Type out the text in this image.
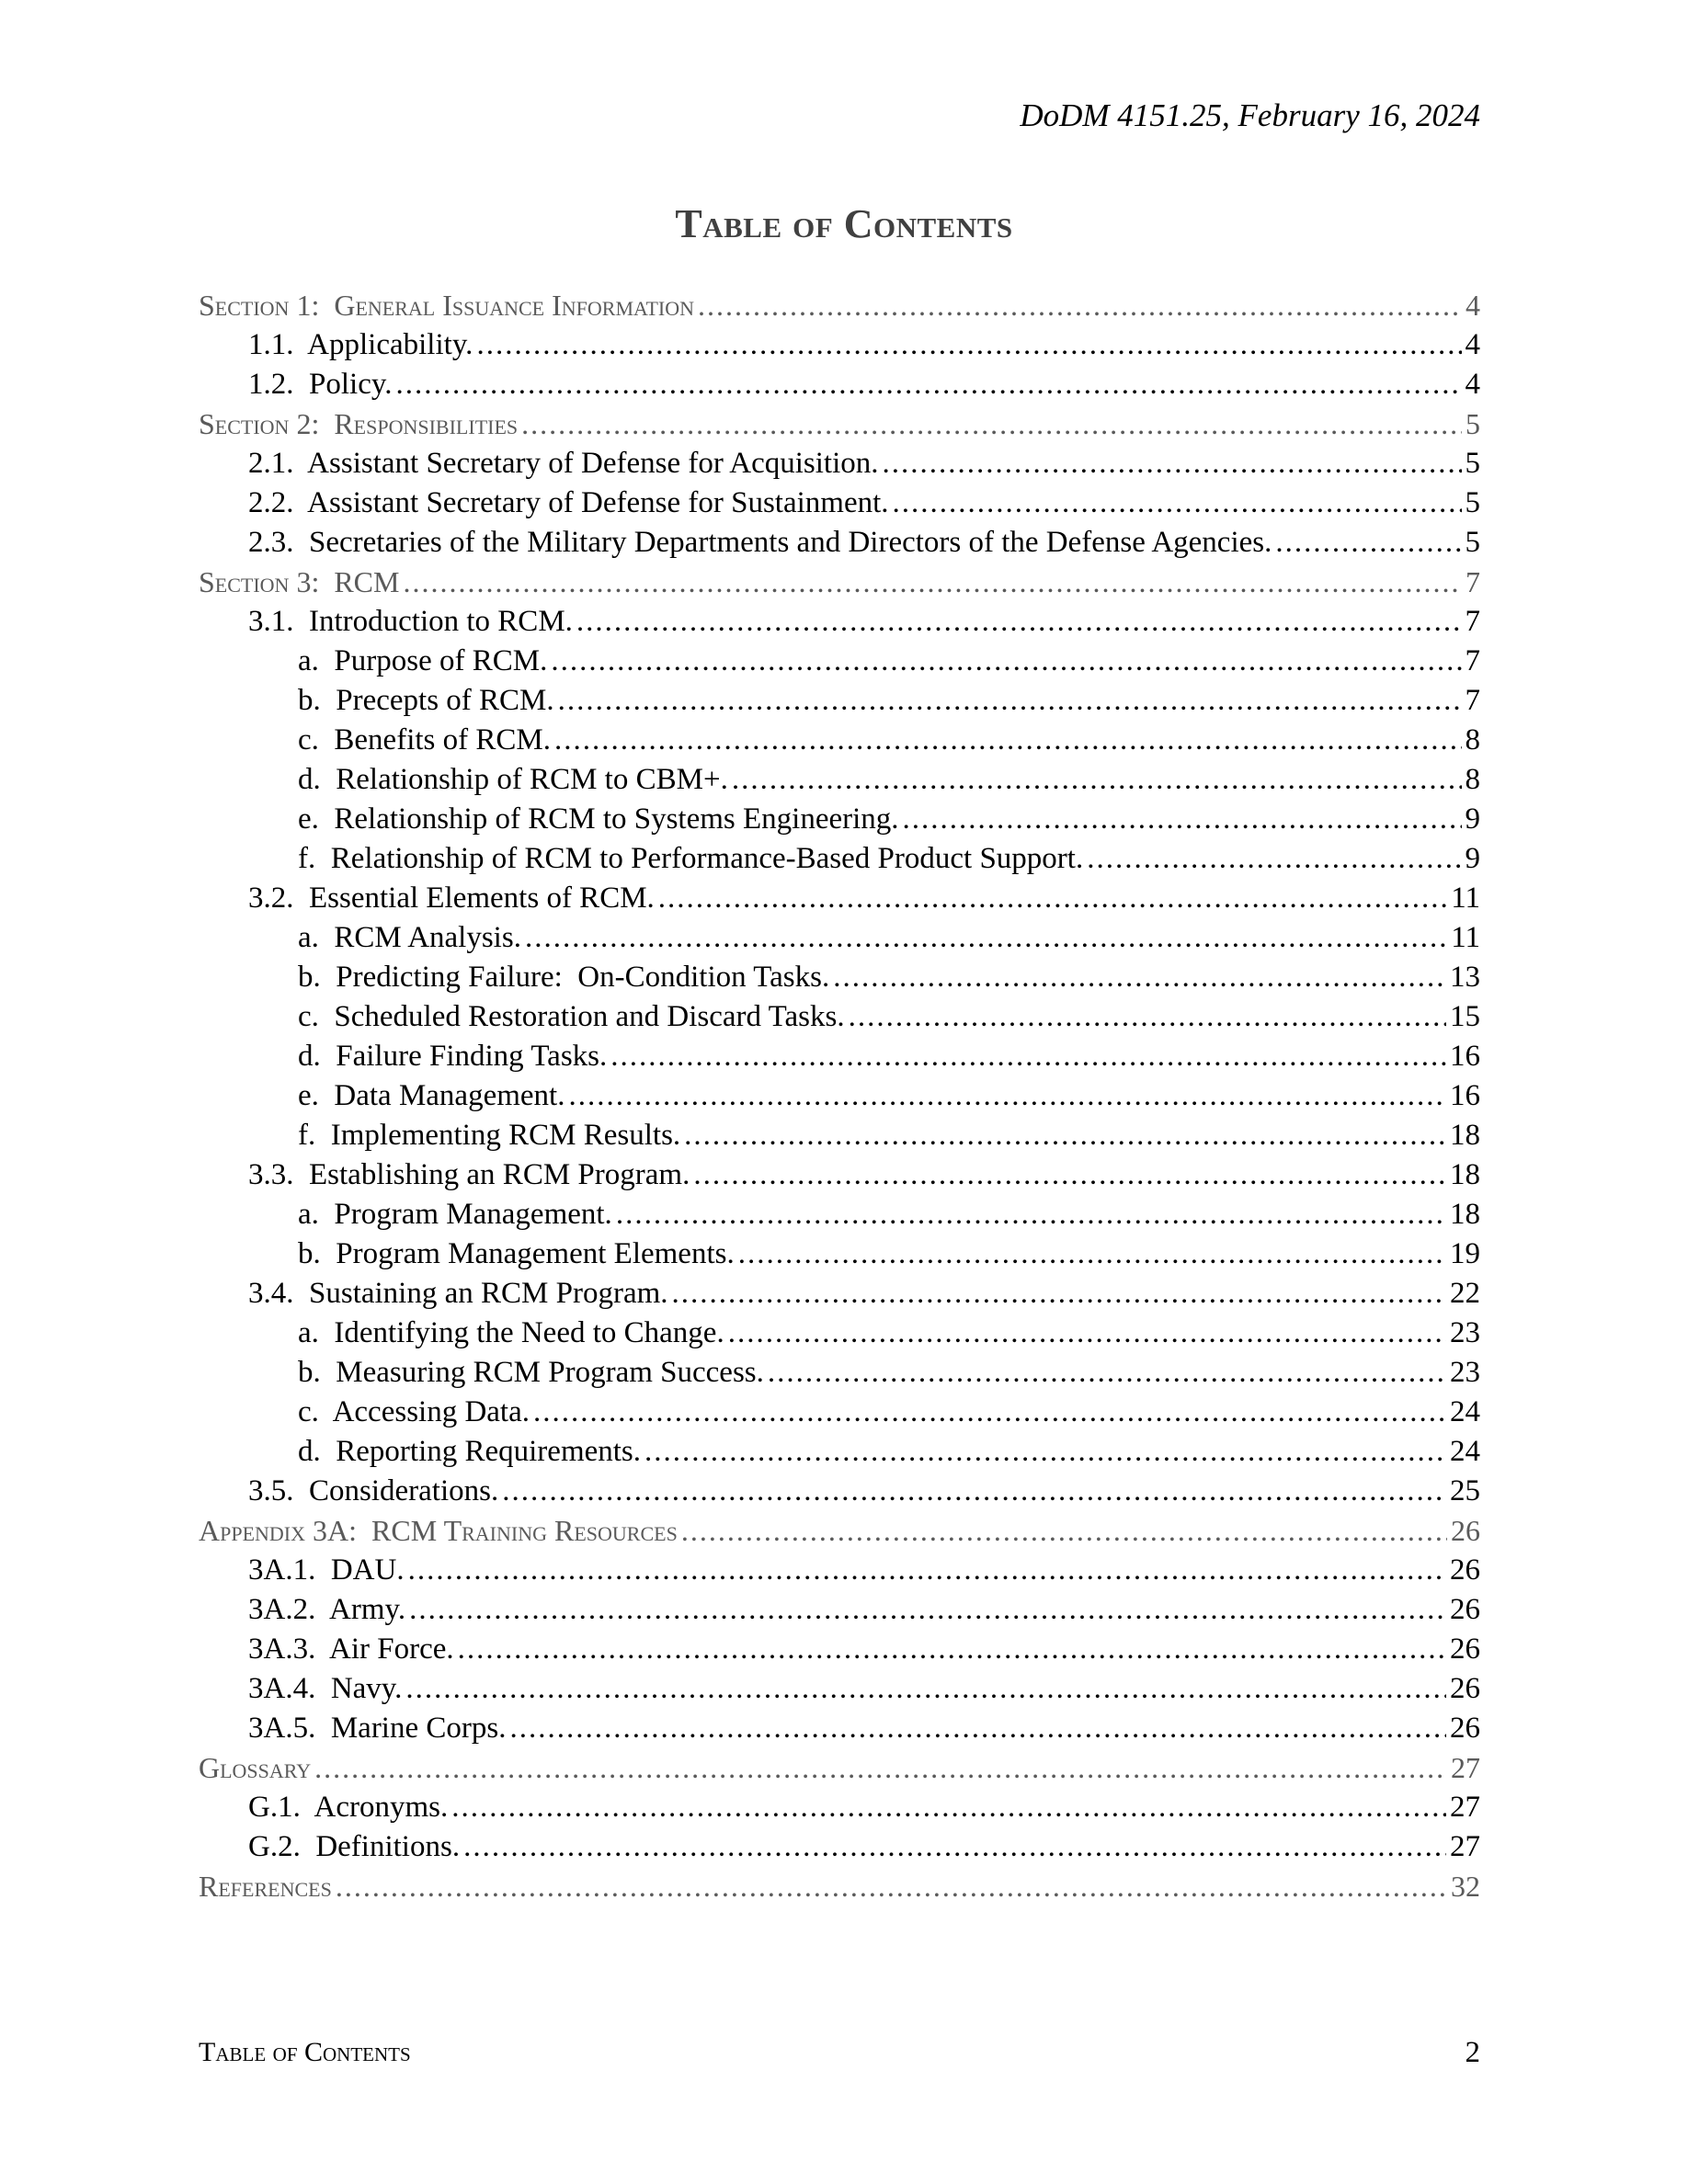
DoDM 4151.25, February 16, 2024
Table of Contents
Section 1:  General Issuance Information .....	4
1.1.  Applicability. .....	4
1.2.  Policy. .....	4
Section 2:  Responsibilities .....	5
2.1.  Assistant Secretary of Defense for Acquisition. .....	5
2.2.  Assistant Secretary of Defense for Sustainment. .....	5
2.3.  Secretaries of the Military Departments and Directors of the Defense Agencies. .....	5
Section 3:  RCM .....	7
3.1.  Introduction to RCM. .....	7
a.  Purpose of RCM. .....	7
b.  Precepts of RCM. .....	7
c.  Benefits of RCM. .....	8
d.  Relationship of RCM to CBM+. .....	8
e.  Relationship of RCM to Systems Engineering. .....	9
f.  Relationship of RCM to Performance-Based Product Support. .....	9
3.2.  Essential Elements of RCM. .....	11
a.  RCM Analysis. .....	11
b.  Predicting Failure:  On-Condition Tasks. .....	13
c.  Scheduled Restoration and Discard Tasks. .....	15
d.  Failure Finding Tasks. .....	16
e.  Data Management. .....	16
f.  Implementing RCM Results. .....	18
3.3.  Establishing an RCM Program. .....	18
a.  Program Management. .....	18
b.  Program Management Elements. .....	19
3.4.  Sustaining an RCM Program. .....	22
a.  Identifying the Need to Change. .....	23
b.  Measuring RCM Program Success. .....	23
c.  Accessing Data. .....	24
d.  Reporting Requirements. .....	24
3.5.  Considerations. .....	25
Appendix 3A:  RCM Training Resources .....	26
3A.1.  DAU. .....	26
3A.2.  Army. .....	26
3A.3.  Air Force. .....	26
3A.4.  Navy. .....	26
3A.5.  Marine Corps. .....	26
Glossary .....	27
G.1.  Acronyms. .....	27
G.2.  Definitions. .....	27
References .....	32
Table of Contents	2
